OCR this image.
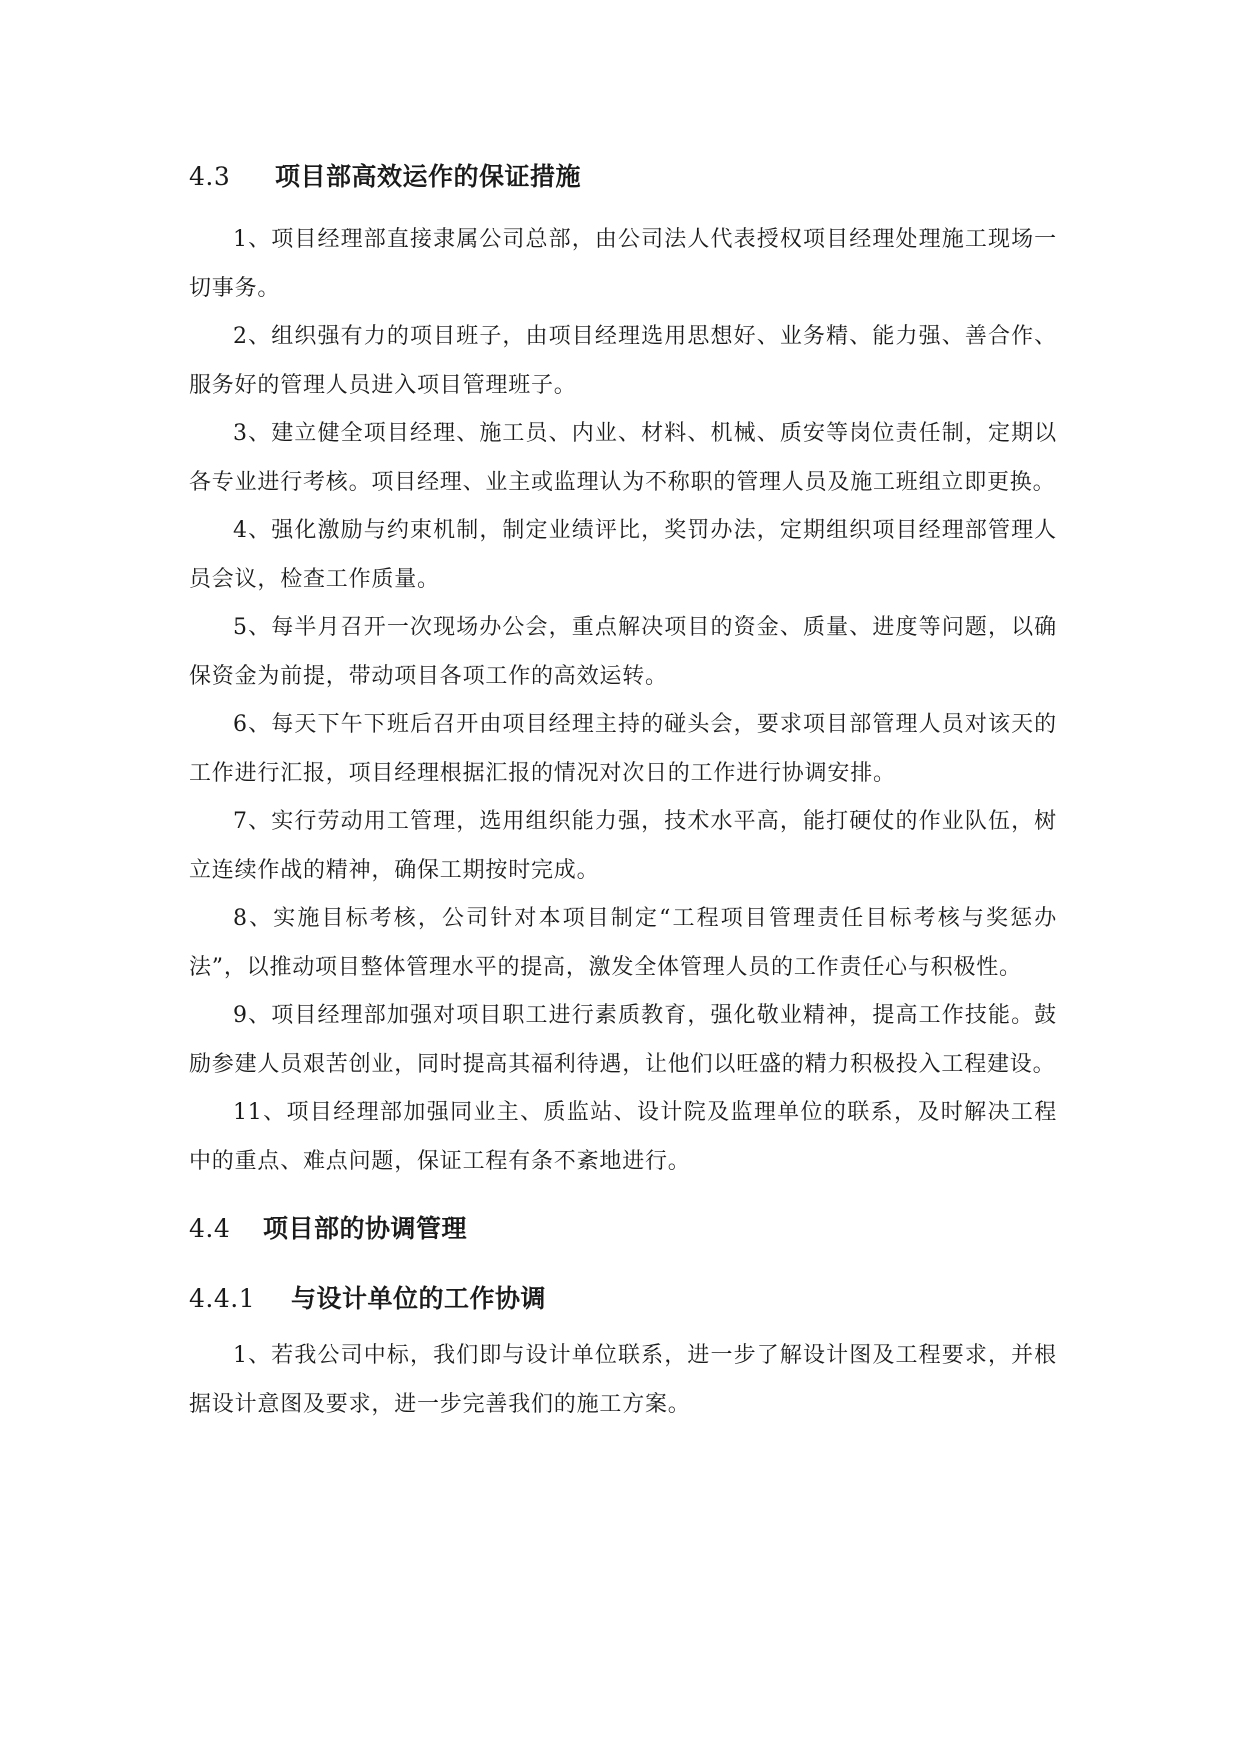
4.3 项目部高效运作的保证措施

1、项目经理部直接隶属公司总部，由公司法人代表授权项目经理处理施工现场一切事务。

2、组织强有力的项目班子，由项目经理选用思想好、业务精、能力强、善合作、服务好的管理人员进入项目管理班子。

3、建立健全项目经理、施工员、内业、材料、机械、质安等岗位责任制，定期以各专业进行考核。项目经理、业主或监理认为不称职的管理人员及施工班组立即更换。

4、强化激励与约束机制，制定业绩评比，奖罚办法，定期组织项目经理部管理人员会议，检查工作质量。

5、每半月召开一次现场办公会，重点解决项目的资金、质量、进度等问题，以确保资金为前提，带动项目各项工作的高效运转。

6、每天下午下班后召开由项目经理主持的碰头会，要求项目部管理人员对该天的工作进行汇报，项目经理根据汇报的情况对次日的工作进行协调安排。

7、实行劳动用工管理，选用组织能力强，技术水平高，能打硬仗的作业队伍，树立连续作战的精神，确保工期按时完成。

8、实施目标考核，公司针对本项目制定“工程项目管理责任目标考核与奖惩办法”，以推动项目整体管理水平的提高，激发全体管理人员的工作责任心与积极性。

9、项目经理部加强对项目职工进行素质教育，强化敬业精神，提高工作技能。鼓励参建人员艰苦创业，同时提高其福利待遇，让他们以旺盛的精力积极投入工程建设。

11、项目经理部加强同业主、质监站、设计院及监理单位的联系，及时解决工程中的重点、难点问题，保证工程有条不紊地进行。

4.4 项目部的协调管理
4.4.1 与设计单位的工作协调

1、若我公司中标，我们即与设计单位联系，进一步了解设计图及工程要求，并根据设计意图及要求，进一步完善我们的施工方案。
